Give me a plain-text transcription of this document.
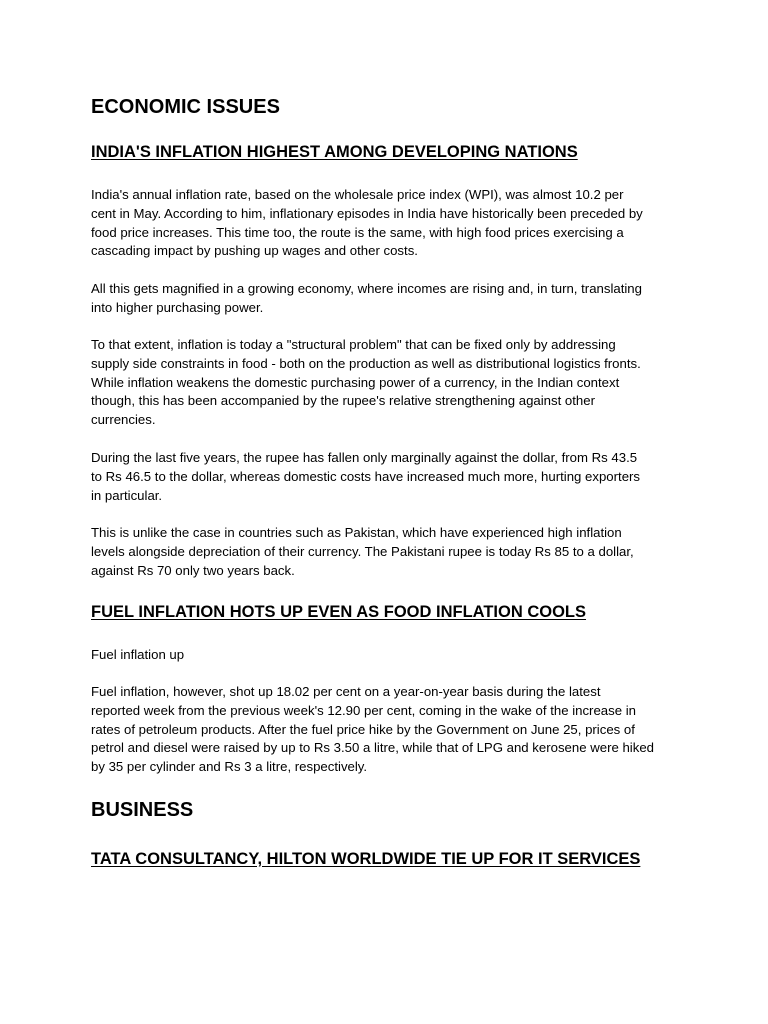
ECONOMIC ISSUES
INDIA'S INFLATION HIGHEST AMONG DEVELOPING NATIONS

India's annual inflation rate, based on the wholesale price index (WPI), was almost 10.2 per
cent in May. According to him, inflationary episodes in India have historically been preceded by
food price increases. This time too, the route is the same, with high food prices exercising a
cascading impact by pushing up wages and other costs.

All this gets magnified in a growing economy, where incomes are rising and, in turn, translating
into higher purchasing power.

To that extent, inflation is today a "structural problem" that can be fixed only by addressing
supply side constraints in food - both on the production as well as distributional logistics fronts.
While inflation weakens the domestic purchasing power of a currency, in the Indian context
though, this has been accompanied by the rupee's relative strengthening against other
currencies.

During the last five years, the rupee has fallen only marginally against the dollar, from Rs 43.5
to Rs 46.5 to the dollar, whereas domestic costs have increased much more, hurting exporters
in particular.

This is unlike the case in countries such as Pakistan, which have experienced high inflation
levels alongside depreciation of their currency. The Pakistani rupee is today Rs 85 to a dollar,
against Rs 70 only two years back.

FUEL INFLATION HOTS UP EVEN AS FOOD INFLATION COOLS

Fuel inflation up

Fuel inflation, however, shot up 18.02 per cent on a year-on-year basis during the latest
reported week from the previous week's 12.90 per cent, coming in the wake of the increase in
rates of petroleum products. After the fuel price hike by the Government on June 25, prices of
petrol and diesel were raised by up to Rs 3.50 a litre, while that of LPG and kerosene were hiked
by 35 per cylinder and Rs 3 a litre, respectively.

BUSINESS
TATA CONSULTANCY, HILTON WORLDWIDE TIE UP FOR IT SERVICES
